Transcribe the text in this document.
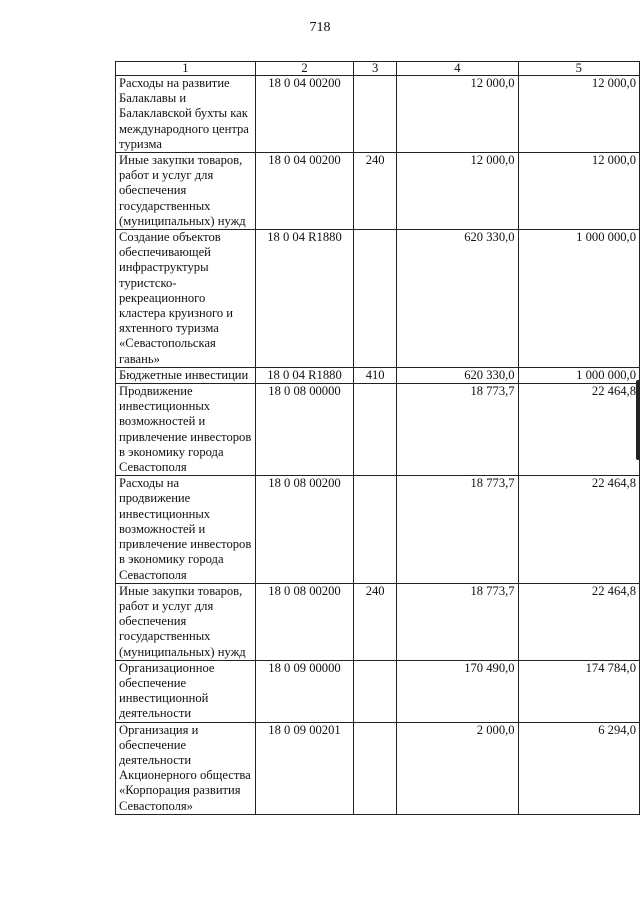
718
1	2	3	4	5
Расходы на развитие Балаклавы и Балаклавской бухты как международного центра туризма	18 0 04 00200		12 000,0	12 000,0
Иные закупки товаров, работ и услуг для обеспечения государственных (муниципальных) нужд	18 0 04 00200	240	12 000,0	12 000,0
Создание объектов обеспечивающей инфраструктуры туристско-рекреационного кластера круизного и яхтенного туризма «Севастопольская гавань»	18 0 04 R1880		620 330,0	1 000 000,0
Бюджетные инвестиции	18 0 04 R1880	410	620 330,0	1 000 000,0
Продвижение инвестиционных возможностей и привлечение инвесторов в экономику города Севастополя	18 0 08 00000		18 773,7	22 464,8
Расходы на продвижение инвестиционных возможностей и привлечение инвесторов в экономику города Севастополя	18 0 08 00200		18 773,7	22 464,8
Иные закупки товаров, работ и услуг для обеспечения государственных (муниципальных) нужд	18 0 08 00200	240	18 773,7	22 464,8
Организационное обеспечение инвестиционной деятельности	18 0 09 00000		170 490,0	174 784,0
Организация и обеспечение деятельности Акционерного общества «Корпорация развития Севастополя»	18 0 09 00201		2 000,0	6 294,0
